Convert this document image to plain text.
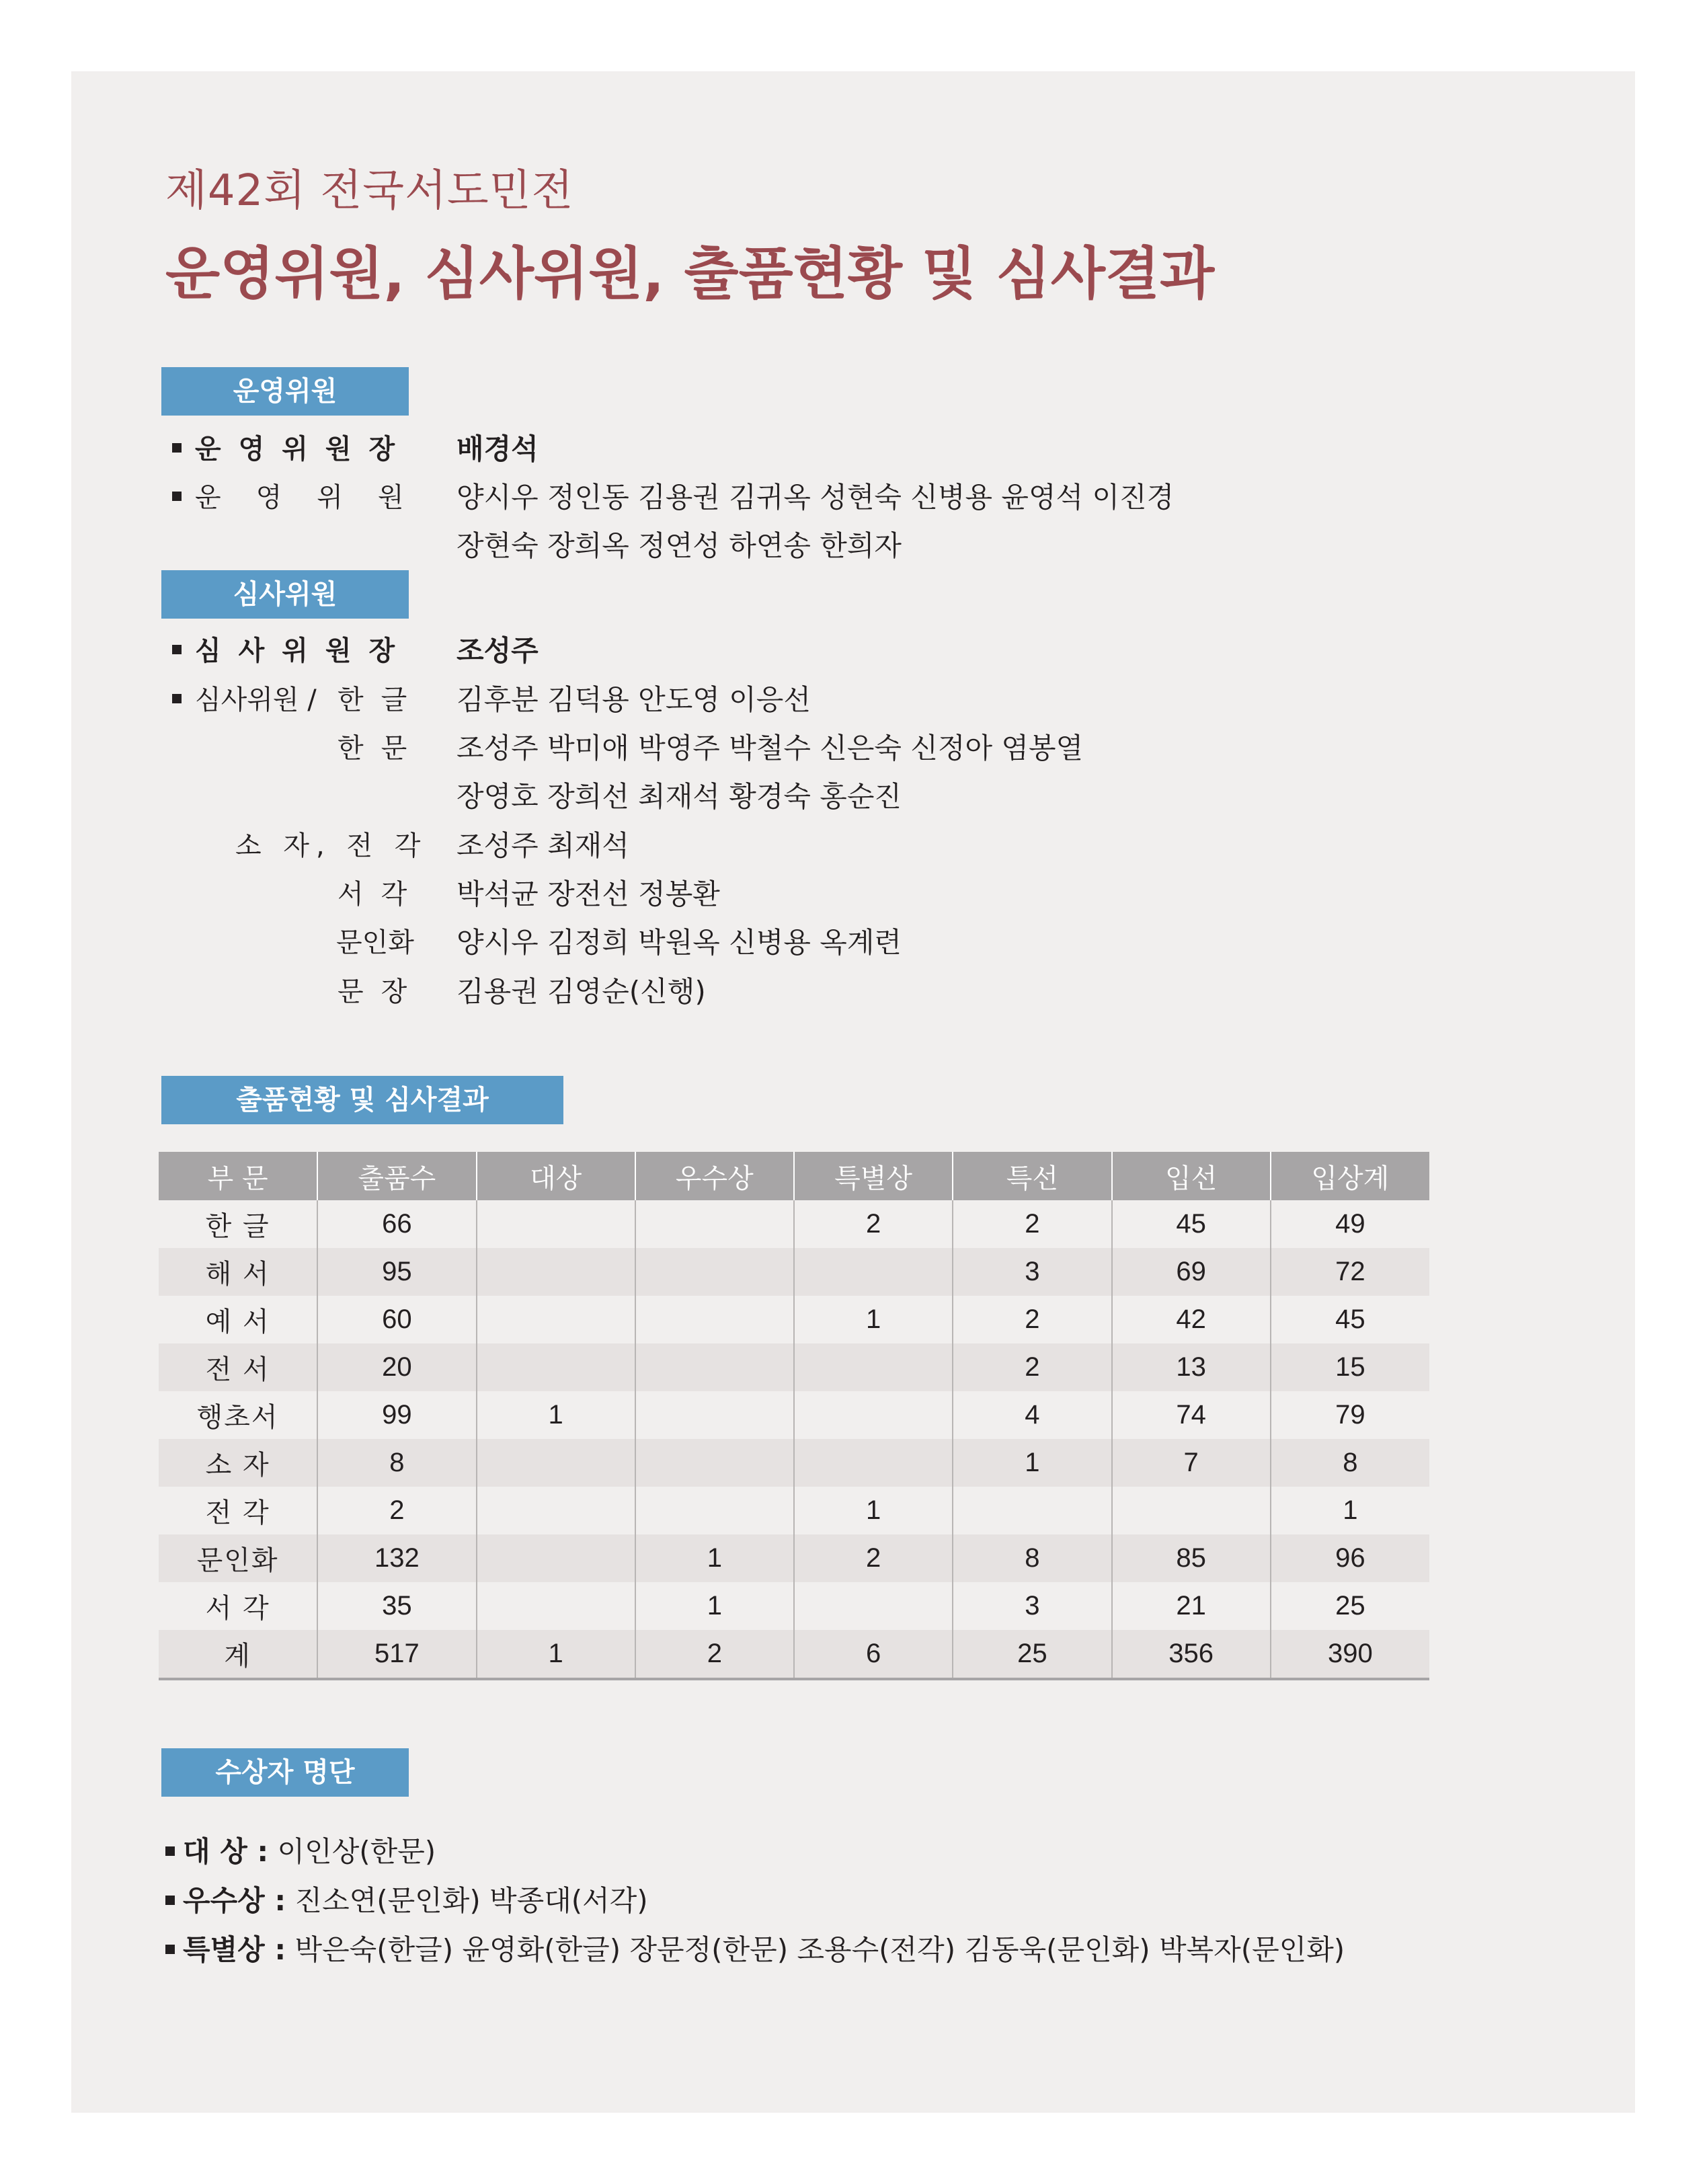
제42회 전국서도민전
운영위원, 심사위원, 출품현황 및 심사결과
운영위원
운영위원장 배경석
운영위원 양시우 정인동 김용권 김귀옥 성현숙 신병용 윤영석 이진경
장현숙 장희옥 정연성 하연송 한희자
심사위원
심사위원장 조성주
심사위원 / 한글 김후분 김덕용 안도영 이응선
한문 조성주 박미애 박영주 박철수 신은숙 신정아 염봉열
장영호 장희선 최재석 황경숙 홍순진
소 자, 전 각 조성주 최재석
서각 박석균 장전선 정봉환
문인화 양시우 김정희 박원옥 신병용 옥계련
문장 김용권 김영순(신행)
출품현황 및 심사결과
부 문	출품수	대상	우수상	특별상	특선	입선	입상계
한 글	66			2	2	45	49
해 서	95				3	69	72
예 서	60			1	2	42	45
전 서	20				2	13	15
행초서	99	1			4	74	79
소 자	8				1	7	8
전 각	2			1			1
문인화	132		1	2	8	85	96
서 각	35		1		3	21	25
계	517	1	2	6	25	356	390
수상자 명단
대 상 : 이인상(한문)
우수상 : 진소연(문인화) 박종대(서각)
특별상 : 박은숙(한글) 윤영화(한글) 장문정(한문) 조용수(전각) 김동욱(문인화) 박복자(문인화)
